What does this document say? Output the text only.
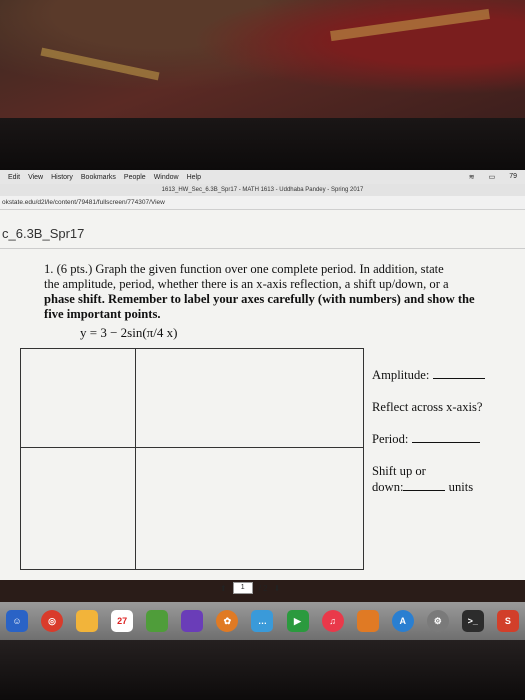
Edit View History Bookmarks People Window Help	≋ ▭ 79
1613_HW_Sec_6.3B_Spr17 - MATH 1613 - Uddhaba Pandey - Spring 2017
okstate.edu/d2l/le/content/79481/fullscreen/774307/View
c_6.3B_Spr17
1. (6 pts.) Graph the given function over one complete period. In addition, state
the amplitude, period, whether there is an x-axis reflection, a shift up/down, or a
phase shift. Remember to label your axes carefully (with numbers) and show the
five important points.
y = 3 − 2sin(π/4 x)
Amplitude:
Reflect across x-axis?
Period:
Shift up or
down:	units
⬆	1	/ 2 ⬇
☺	◎	27	✿	…	▶	♫	A	⚙	>_	S
